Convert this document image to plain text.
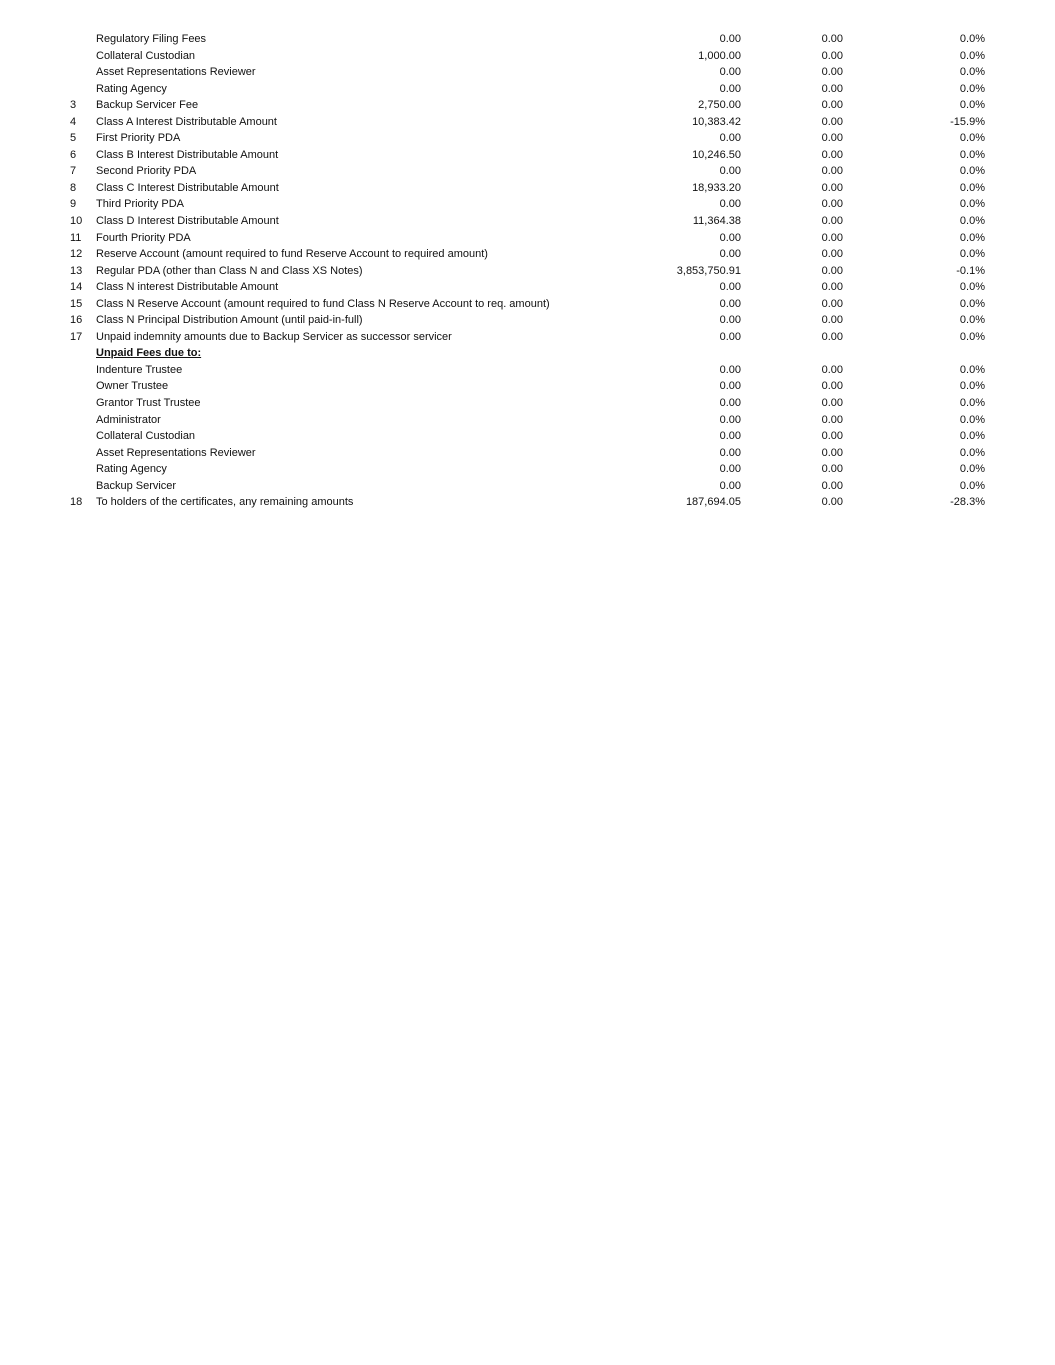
Regulatory Filing Fees	0.00	0.00	0.0%
Collateral Custodian	1,000.00	0.00	0.0%
Asset Representations Reviewer	0.00	0.00	0.0%
Rating Agency	0.00	0.00	0.0%
3	Backup Servicer Fee	2,750.00	0.00	0.0%
4	Class A Interest Distributable Amount	10,383.42	0.00	-15.9%
5	First Priority PDA	0.00	0.00	0.0%
6	Class B Interest Distributable Amount	10,246.50	0.00	0.0%
7	Second Priority PDA	0.00	0.00	0.0%
8	Class C Interest Distributable Amount	18,933.20	0.00	0.0%
9	Third Priority PDA	0.00	0.00	0.0%
10	Class D Interest Distributable Amount	11,364.38	0.00	0.0%
11	Fourth Priority PDA	0.00	0.00	0.0%
12	Reserve Account (amount required to fund Reserve Account to required amount)	0.00	0.00	0.0%
13	Regular PDA (other than Class N and Class XS Notes)	3,853,750.91	0.00	-0.1%
14	Class N interest Distributable Amount	0.00	0.00	0.0%
15	Class N Reserve Account (amount required to fund Class N Reserve Account to req. amount)	0.00	0.00	0.0%
16	Class N Principal Distribution Amount (until paid-in-full)	0.00	0.00	0.0%
17	Unpaid indemnity amounts due to Backup Servicer as successor servicer	0.00	0.00	0.0%
Unpaid Fees due to:
Indenture Trustee	0.00	0.00	0.0%
Owner Trustee	0.00	0.00	0.0%
Grantor Trust Trustee	0.00	0.00	0.0%
Administrator	0.00	0.00	0.0%
Collateral Custodian	0.00	0.00	0.0%
Asset Representations Reviewer	0.00	0.00	0.0%
Rating Agency	0.00	0.00	0.0%
Backup Servicer	0.00	0.00	0.0%
18	To holders of the certificates, any remaining amounts	187,694.05	0.00	-28.3%
